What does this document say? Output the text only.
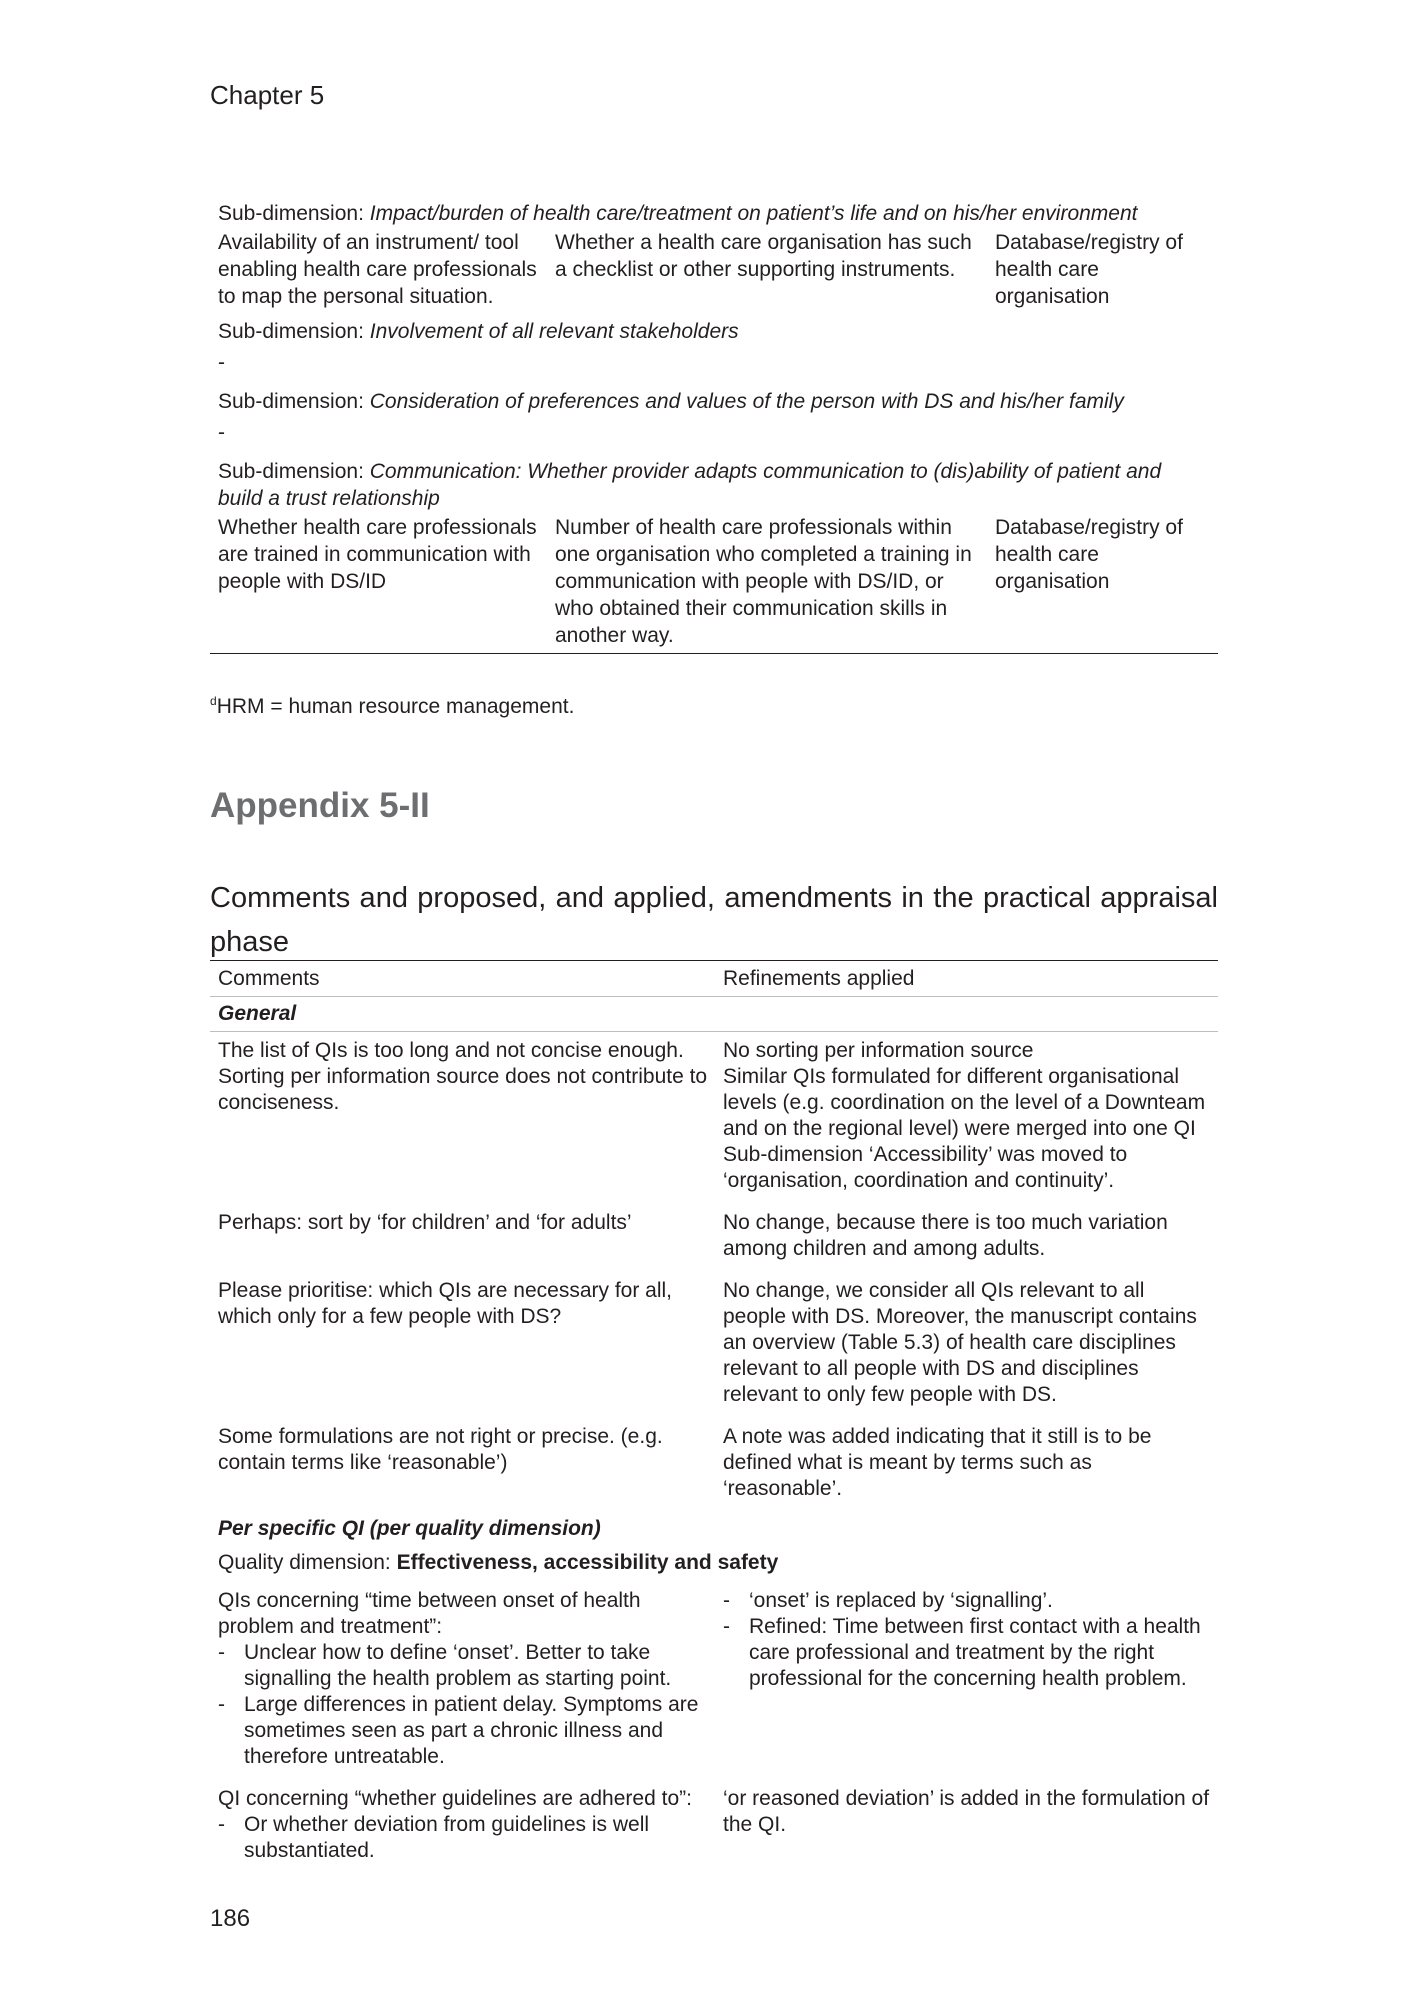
Chapter 5
Sub-dimension: Impact/burden of health care/treatment on patient’s life and on his/her environment
Availability of an instrument/ tool enabling health care professionals to map the personal situation.
Whether a health care organisation has such a checklist or other supporting instruments.
Database/registry of health care organisation
Sub-dimension: Involvement of all relevant stakeholders
-
Sub-dimension: Consideration of preferences and values of the person with DS and his/her family
-
Sub-dimension: Communication: Whether provider adapts communication to (dis)ability of patient and build a trust relationship
Whether health care professionals are trained in communication with people with DS/ID
Number of health care professionals within one organisation who completed a training in communication with people with DS/ID, or who obtained their communication skills in another way.
Database/registry of health care organisation
$^d$HRM = human resource management.
Appendix 5-II
Comments and proposed, and applied, amendments in the practical appraisal phase
Comments	Refinements applied
General
The list of QIs is too long and not concise enough. Sorting per information source does not contribute to conciseness.
No sorting per information source
Similar QIs formulated for different organisational levels (e.g. coordination on the level of a Downteam and on the regional level) were merged into one QI
Sub-dimension ‘Accessibility’ was moved to ‘organisation, coordination and continuity’.
Perhaps: sort by ‘for children’ and ‘for adults’	No change, because there is too much variation among children and among adults.
Please prioritise: which QIs are necessary for all, which only for a few people with DS?
No change, we consider all QIs relevant to all people with DS. Moreover, the manuscript contains an overview (Table 5.3) of health care disciplines relevant to all people with DS and disciplines relevant to only few people with DS.
Some formulations are not right or precise. (e.g. contain terms like ‘reasonable’)
A note was added indicating that it still is to be defined what is meant by terms such as ‘reasonable’.
Per specific QI (per quality dimension)
Quality dimension: Effectiveness, accessibility and safety
QIs concerning “time between onset of health problem and treatment”:
- Unclear how to define ‘onset’. Better to take signalling the health problem as starting point.
- Large differences in patient delay. Symptoms are sometimes seen as part a chronic illness and therefore untreatable.
- ‘onset’ is replaced by ‘signalling’.
- Refined: Time between first contact with a health care professional and treatment by the right professional for the concerning health problem.
QI concerning “whether guidelines are adhered to”:
- Or whether deviation from guidelines is well substantiated.
‘or reasoned deviation’ is added in the formulation of the QI.
186
